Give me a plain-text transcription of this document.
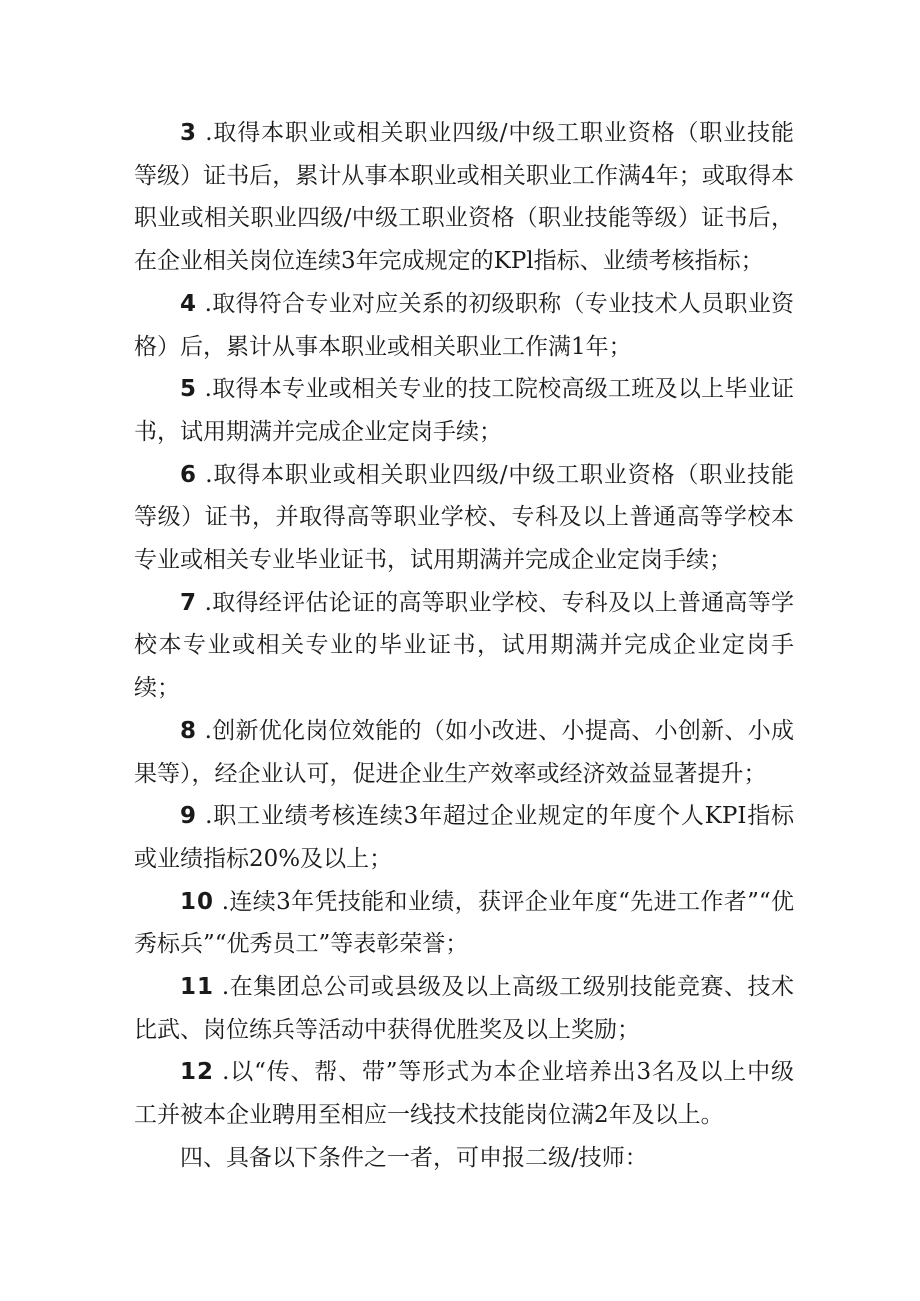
3 .取得本职业或相关职业四级/中级工职业资格（职业技能等级）证书后，累计从事本职业或相关职业工作满4年；或取得本职业或相关职业四级/中级工职业资格（职业技能等级）证书后，在企业相关岗位连续3年完成规定的KPl指标、业绩考核指标；

4 .取得符合专业对应关系的初级职称（专业技术人员职业资格）后，累计从事本职业或相关职业工作满1年；

5 .取得本专业或相关专业的技工院校高级工班及以上毕业证书，试用期满并完成企业定岗手续；

6 .取得本职业或相关职业四级/中级工职业资格（职业技能等级）证书，并取得高等职业学校、专科及以上普通高等学校本专业或相关专业毕业证书，试用期满并完成企业定岗手续；

7 .取得经评估论证的高等职业学校、专科及以上普通高等学校本专业或相关专业的毕业证书，试用期满并完成企业定岗手续；

8 .创新优化岗位效能的（如小改进、小提高、小创新、小成果等），经企业认可，促进企业生产效率或经济效益显著提升；

9 .职工业绩考核连续3年超过企业规定的年度个人KPI指标或业绩指标20%及以上；

10 .连续3年凭技能和业绩，获评企业年度“先进工作者”“优秀标兵”“优秀员工”等表彰荣誉；

11 .在集团总公司或县级及以上高级工级别技能竞赛、技术比武、岗位练兵等活动中获得优胜奖及以上奖励；

12 .以“传、帮、带”等形式为本企业培养出3名及以上中级工并被本企业聘用至相应一线技术技能岗位满2年及以上。

四、具备以下条件之一者，可申报二级/技师：
